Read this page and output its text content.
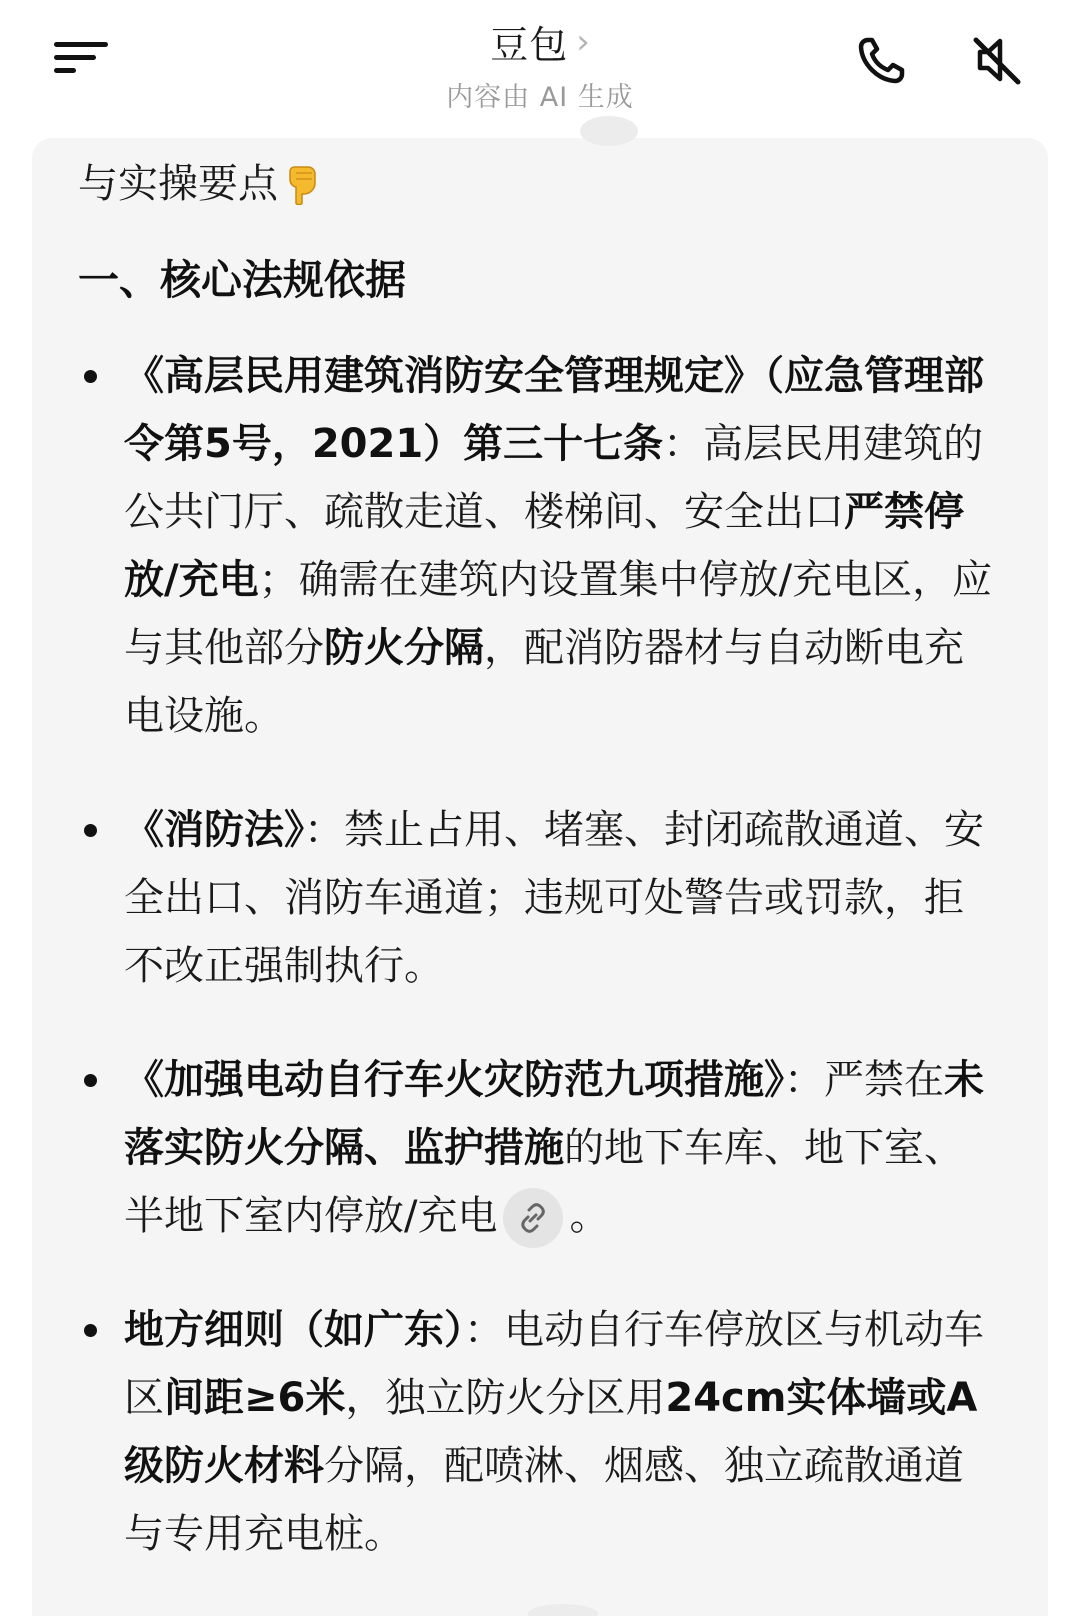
豆包 ›
内容由 AI 生成
与实操要点
一、核心法规依据
《高层民用建筑消防安全管理规定》（应急管理部令第5号，2021）第三十七条：高层民用建筑的公共门厅、疏散走道、楼梯间、安全出口严禁停放/充电；确需在建筑内设置集中停放/充电区，应与其他部分防火分隔，配消防器材与自动断电充电设施。
《消防法》：禁止占用、堵塞、封闭疏散通道、安全出口、消防车通道；违规可处警告或罚款，拒不改正强制执行。
《加强电动自行车火灾防范九项措施》：严禁在未落实防火分隔、监护措施的地下车库、地下室、半地下室内停放/充电 。
地方细则（如广东）：电动自行车停放区与机动车区间距≥6米，独立防火分区用24cm实体墙或A级防火材料分隔，配喷淋、烟感、独立疏散通道与专用充电桩。
